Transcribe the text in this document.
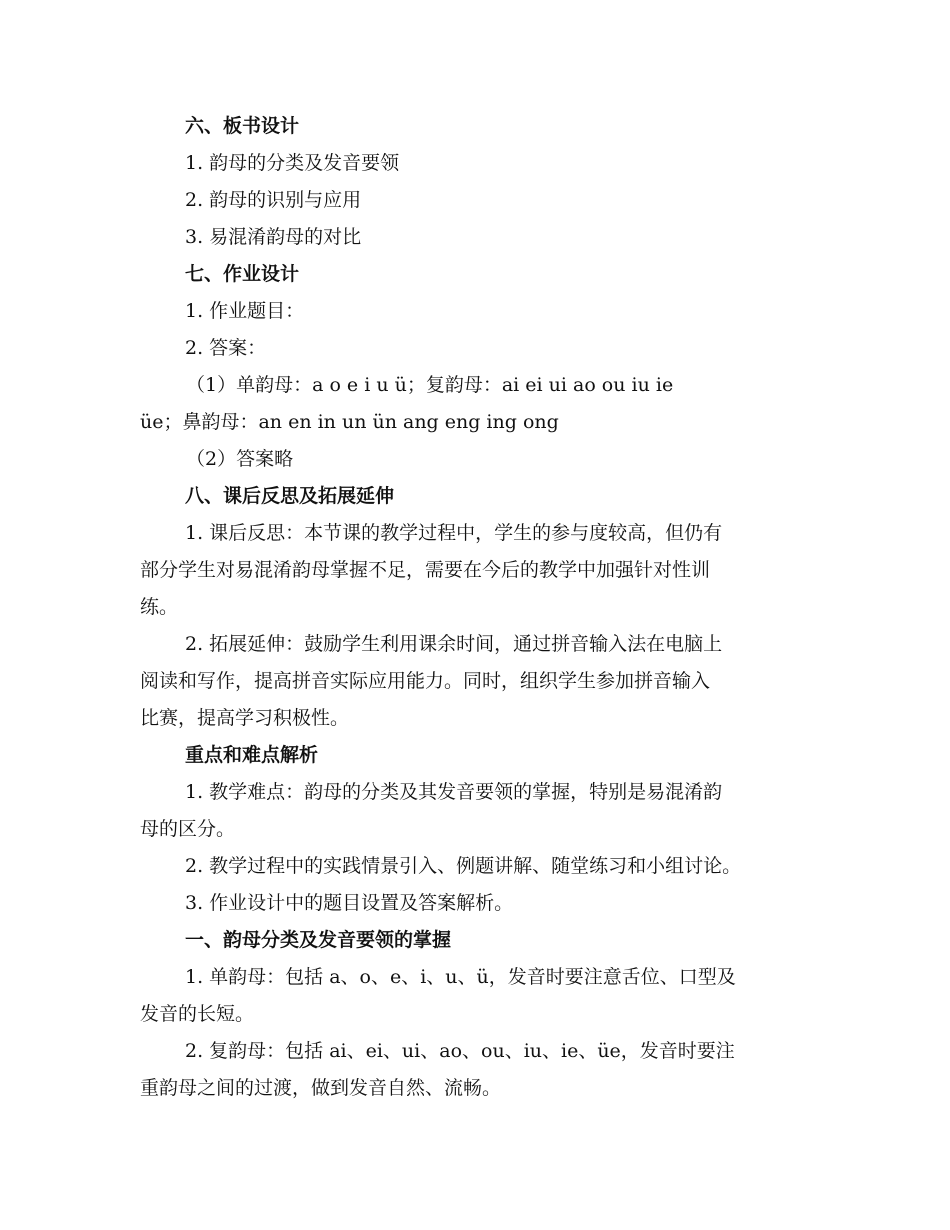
六、板书设计
1. 韵母的分类及发音要领
2. 韵母的识别与应用
3. 易混淆韵母的对比
七、作业设计
1. 作业题目：
2. 答案：
（1）单韵母：a o e i u ü；复韵母：ai ei ui ao ou iu ie
üe；鼻韵母：an en in un ün ang eng ing ong
（2）答案略
八、课后反思及拓展延伸
1. 课后反思：本节课的教学过程中，学生的参与度较高，但仍有
部分学生对易混淆韵母掌握不足，需要在今后的教学中加强针对性训
练。
2. 拓展延伸：鼓励学生利用课余时间，通过拼音输入法在电脑上
阅读和写作，提高拼音实际应用能力。同时，组织学生参加拼音输入
比赛，提高学习积极性。
重点和难点解析
1. 教学难点：韵母的分类及其发音要领的掌握，特别是易混淆韵
母的区分。
2. 教学过程中的实践情景引入、例题讲解、随堂练习和小组讨论。
3. 作业设计中的题目设置及答案解析。
一、韵母分类及发音要领的掌握
1. 单韵母：包括 a、o、e、i、u、ü，发音时要注意舌位、口型及
发音的长短。
2. 复韵母：包括 ai、ei、ui、ao、ou、iu、ie、üe，发音时要注
重韵母之间的过渡，做到发音自然、流畅。
